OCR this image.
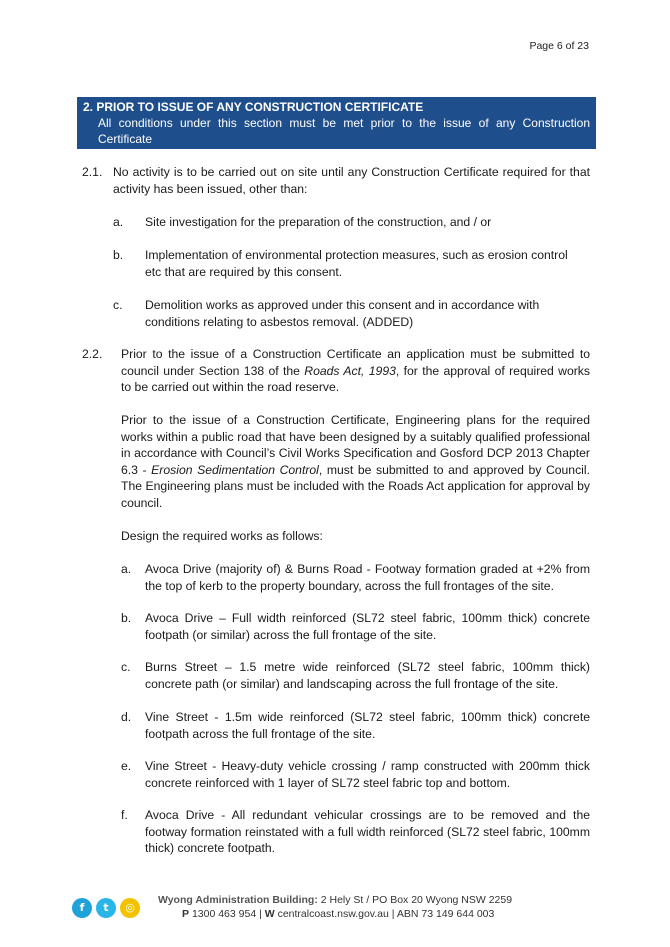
Page 6 of 23
2. PRIOR TO ISSUE OF ANY CONSTRUCTION CERTIFICATE
All conditions under this section must be met prior to the issue of any Construction Certificate
2.1. No activity is to be carried out on site until any Construction Certificate required for that activity has been issued, other than:
a. Site investigation for the preparation of the construction, and / or
b. Implementation of environmental protection measures, such as erosion control etc that are required by this consent.
c. Demolition works as approved under this consent and in accordance with conditions relating to asbestos removal. (ADDED)
2.2. Prior to the issue of a Construction Certificate an application must be submitted to council under Section 138 of the Roads Act, 1993, for the approval of required works to be carried out within the road reserve.
Prior to the issue of a Construction Certificate, Engineering plans for the required works within a public road that have been designed by a suitably qualified professional in accordance with Council’s Civil Works Specification and Gosford DCP 2013 Chapter 6.3 - Erosion Sedimentation Control, must be submitted to and approved by Council. The Engineering plans must be included with the Roads Act application for approval by council.
Design the required works as follows:
a. Avoca Drive (majority of) & Burns Road - Footway formation graded at +2% from the top of kerb to the property boundary, across the full frontages of the site.
b. Avoca Drive – Full width reinforced (SL72 steel fabric, 100mm thick) concrete footpath (or similar) across the full frontage of the site.
c. Burns Street – 1.5 metre wide reinforced (SL72 steel fabric, 100mm thick) concrete path (or similar) and landscaping across the full frontage of the site.
d. Vine Street - 1.5m wide reinforced (SL72 steel fabric, 100mm thick) concrete footpath across the full frontage of the site.
e. Vine Street - Heavy-duty vehicle crossing / ramp constructed with 200mm thick concrete reinforced with 1 layer of SL72 steel fabric top and bottom.
f. Avoca Drive - All redundant vehicular crossings are to be removed and the footway formation reinstated with a full width reinforced (SL72 steel fabric, 100mm thick) concrete footpath.
f	t	◎
Wyong Administration Building: 2 Hely St / PO Box 20 Wyong NSW 2259
P 1300 463 954 | W centralcoast.nsw.gov.au | ABN 73 149 644 003
